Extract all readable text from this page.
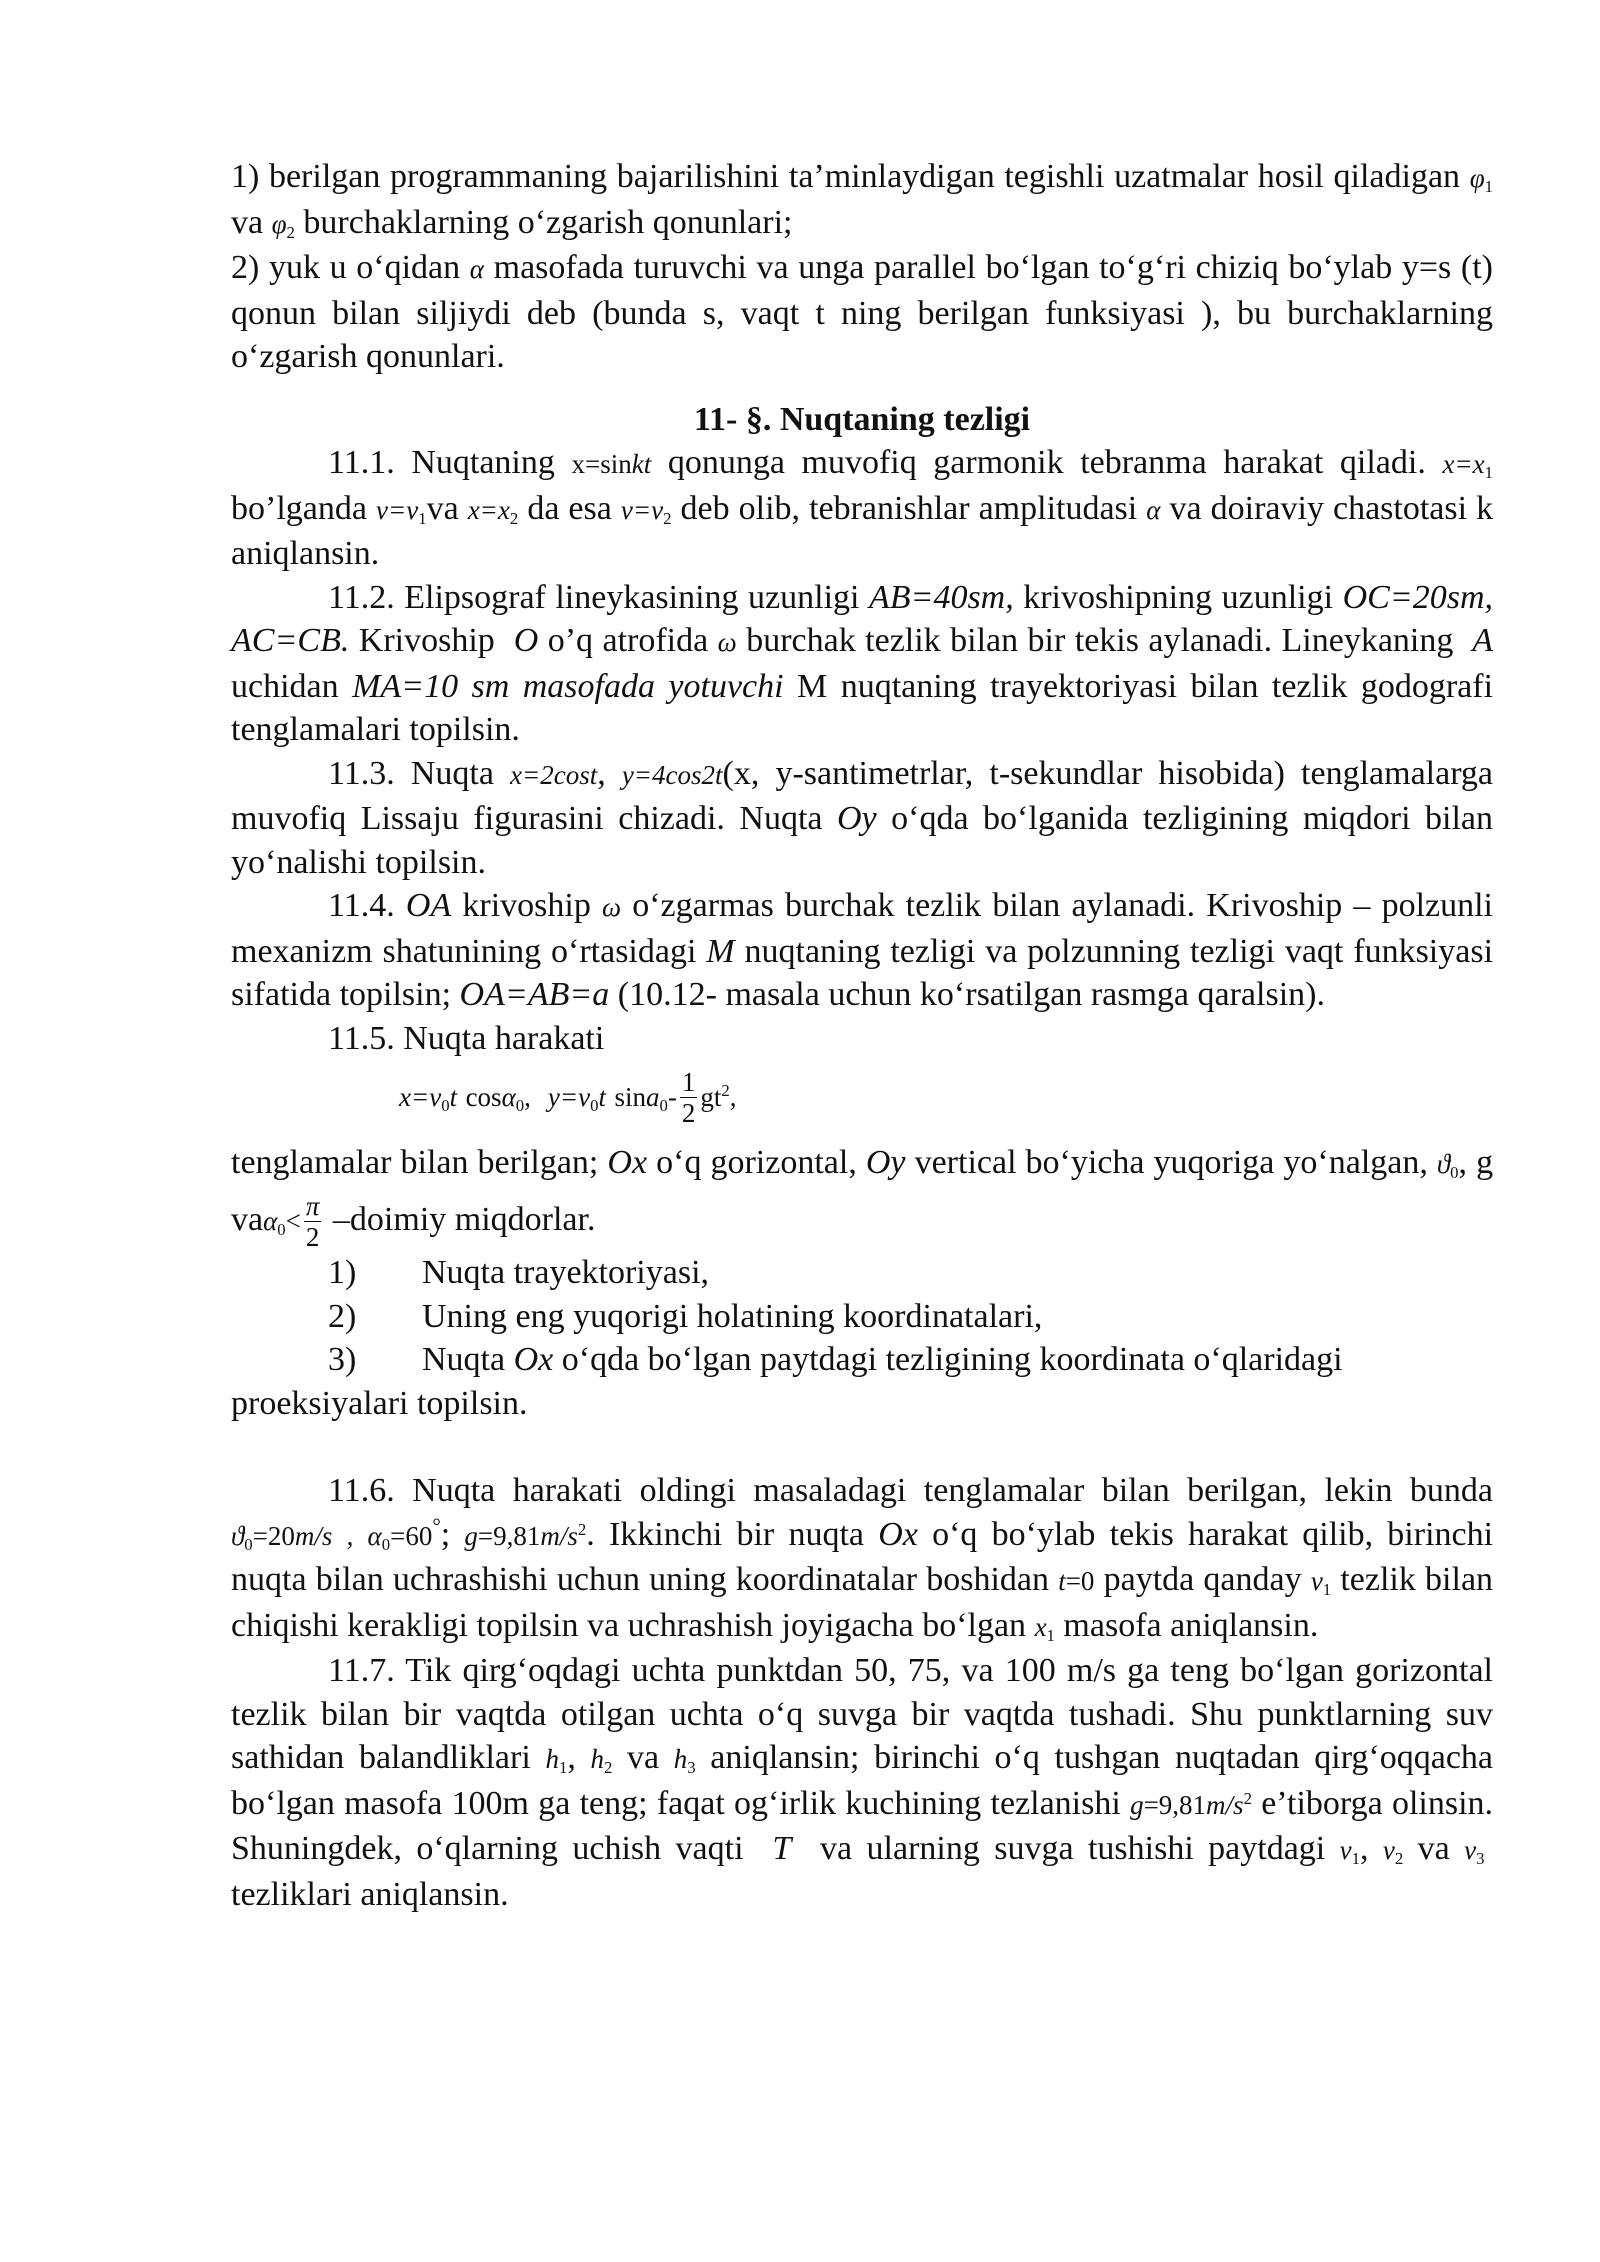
1) berilgan programmaning bajarilishini ta’minlaydigan tegishli uzatmalar hosil qiladigan $\varphi_1$ va $\varphi_2$ burchaklarning o‘zgarish qonunlari;

2) yuk u o‘qidan α masofada turuvchi va unga parallel bo‘lgan to‘g‘ri chiziq bo‘ylab y=s (t) qonun bilan siljiydi deb (bunda s, vaqt t ning berilgan funksiyasi ), bu burchaklarning o‘zgarish qonunlari.

11- §. Nuqtaning tezligi

11.1. Nuqtaning x=sinkt qonunga muvofiq garmonik tebranma harakat qiladi. $x=x_1$ bo’lganda $v=v_1va$ $x=x_2$ da esa $v=v_2$ deb olib, tebranishlar amplitudasi α va doiraviy chastotasi k aniqlansin.

11.2. Elipsograf lineykasining uzunligi AB=40sm, krivoshipning uzunligi OC=20sm, AC=CB. Krivoship O o’q atrofida ω burchak tezlik bilan bir tekis aylanadi. Lineykaning A uchidan MA=10 sm masofada yotuvchi M nuqtaning trayektoriyasi bilan tezlik godografi tenglamalari topilsin.

11.3. Nuqta x=2cost, y=4cos2t(x, y-santimetrlar, t-sekundlar hisobida) tenglamalarga muvofiq Lissaju figurasini chizadi. Nuqta Oy o‘qda bo‘lganida tezligining miqdori bilan yo‘nalishi topilsin.

11.4. OA krivoship ω o‘zgarmas burchak tezlik bilan aylanadi. Krivoship – polzunli mexanizm shatunining o‘rtasidagi M nuqtaning tezligi va polzunning tezligi vaqt funksiyasi sifatida topilsin; OA=AB=a (10.12- masala uchun ko‘rsatilgan rasmga qaralsin).

11.5. Nuqta harakati

$x=v_0t$ cosα$_0$, $y=v_0t$ $\sin a_0- \frac{1}{2} gt^2$,

tenglamalar bilan berilgan; Ox o‘q gorizontal, Oy vertical bo‘yicha yuqoriga yo‘nalgan, $ϑ_0$, g $va\alpha_0< \frac{\pi}{2}$ –doimiy miqdorlar.

1) Nuqta trayektoriyasi,

2) Uning eng yuqorigi holatining koordinatalari,

3) Nuqta Ox o‘qda bo‘lgan paytdagi tezligining koordinata o‘qlaridagi

proeksiyalari topilsin.

11.6. Nuqta harakati oldingi masaladagi tenglamalar bilan berilgan, lekin bunda $ϑ_0=20m/s$ , $\alpha_0=60^\circ$; $g=9,81m/s^2$. Ikkinchi bir nuqta Ox o‘q bo‘ylab tekis harakat qilib, birinchi nuqta bilan uchrashishi uchun uning koordinatalar boshidan t=0 paytda qanday $v_1$ tezlik bilan chiqishi kerakligi topilsin va uchrashish joyigacha bo‘lgan $x_1$ masofa aniqlansin.

11.7. Tik qirg‘oqdagi uchta punktdan 50, 75, va 100 m/s ga teng bo‘lgan gorizontal tezlik bilan bir vaqtda otilgan uchta o‘q suvga bir vaqtda tushadi. Shu punktlarning suv sathidan balandliklari $h_1$, $h_2$ va $h_3$ aniqlansin; birinchi o‘q tushgan nuqtadan qirg‘oqqacha bo‘lgan masofa 100m ga teng; faqat og‘irlik kuchining tezlanishi $g=9,81m/s^2$ e’tiborga olinsin. Shuningdek, o‘qlarning uchish vaqti T va ularning suvga tushishi paytdagi $v_1$, $v_2$ va $v_3$  tezliklari aniqlansin.
